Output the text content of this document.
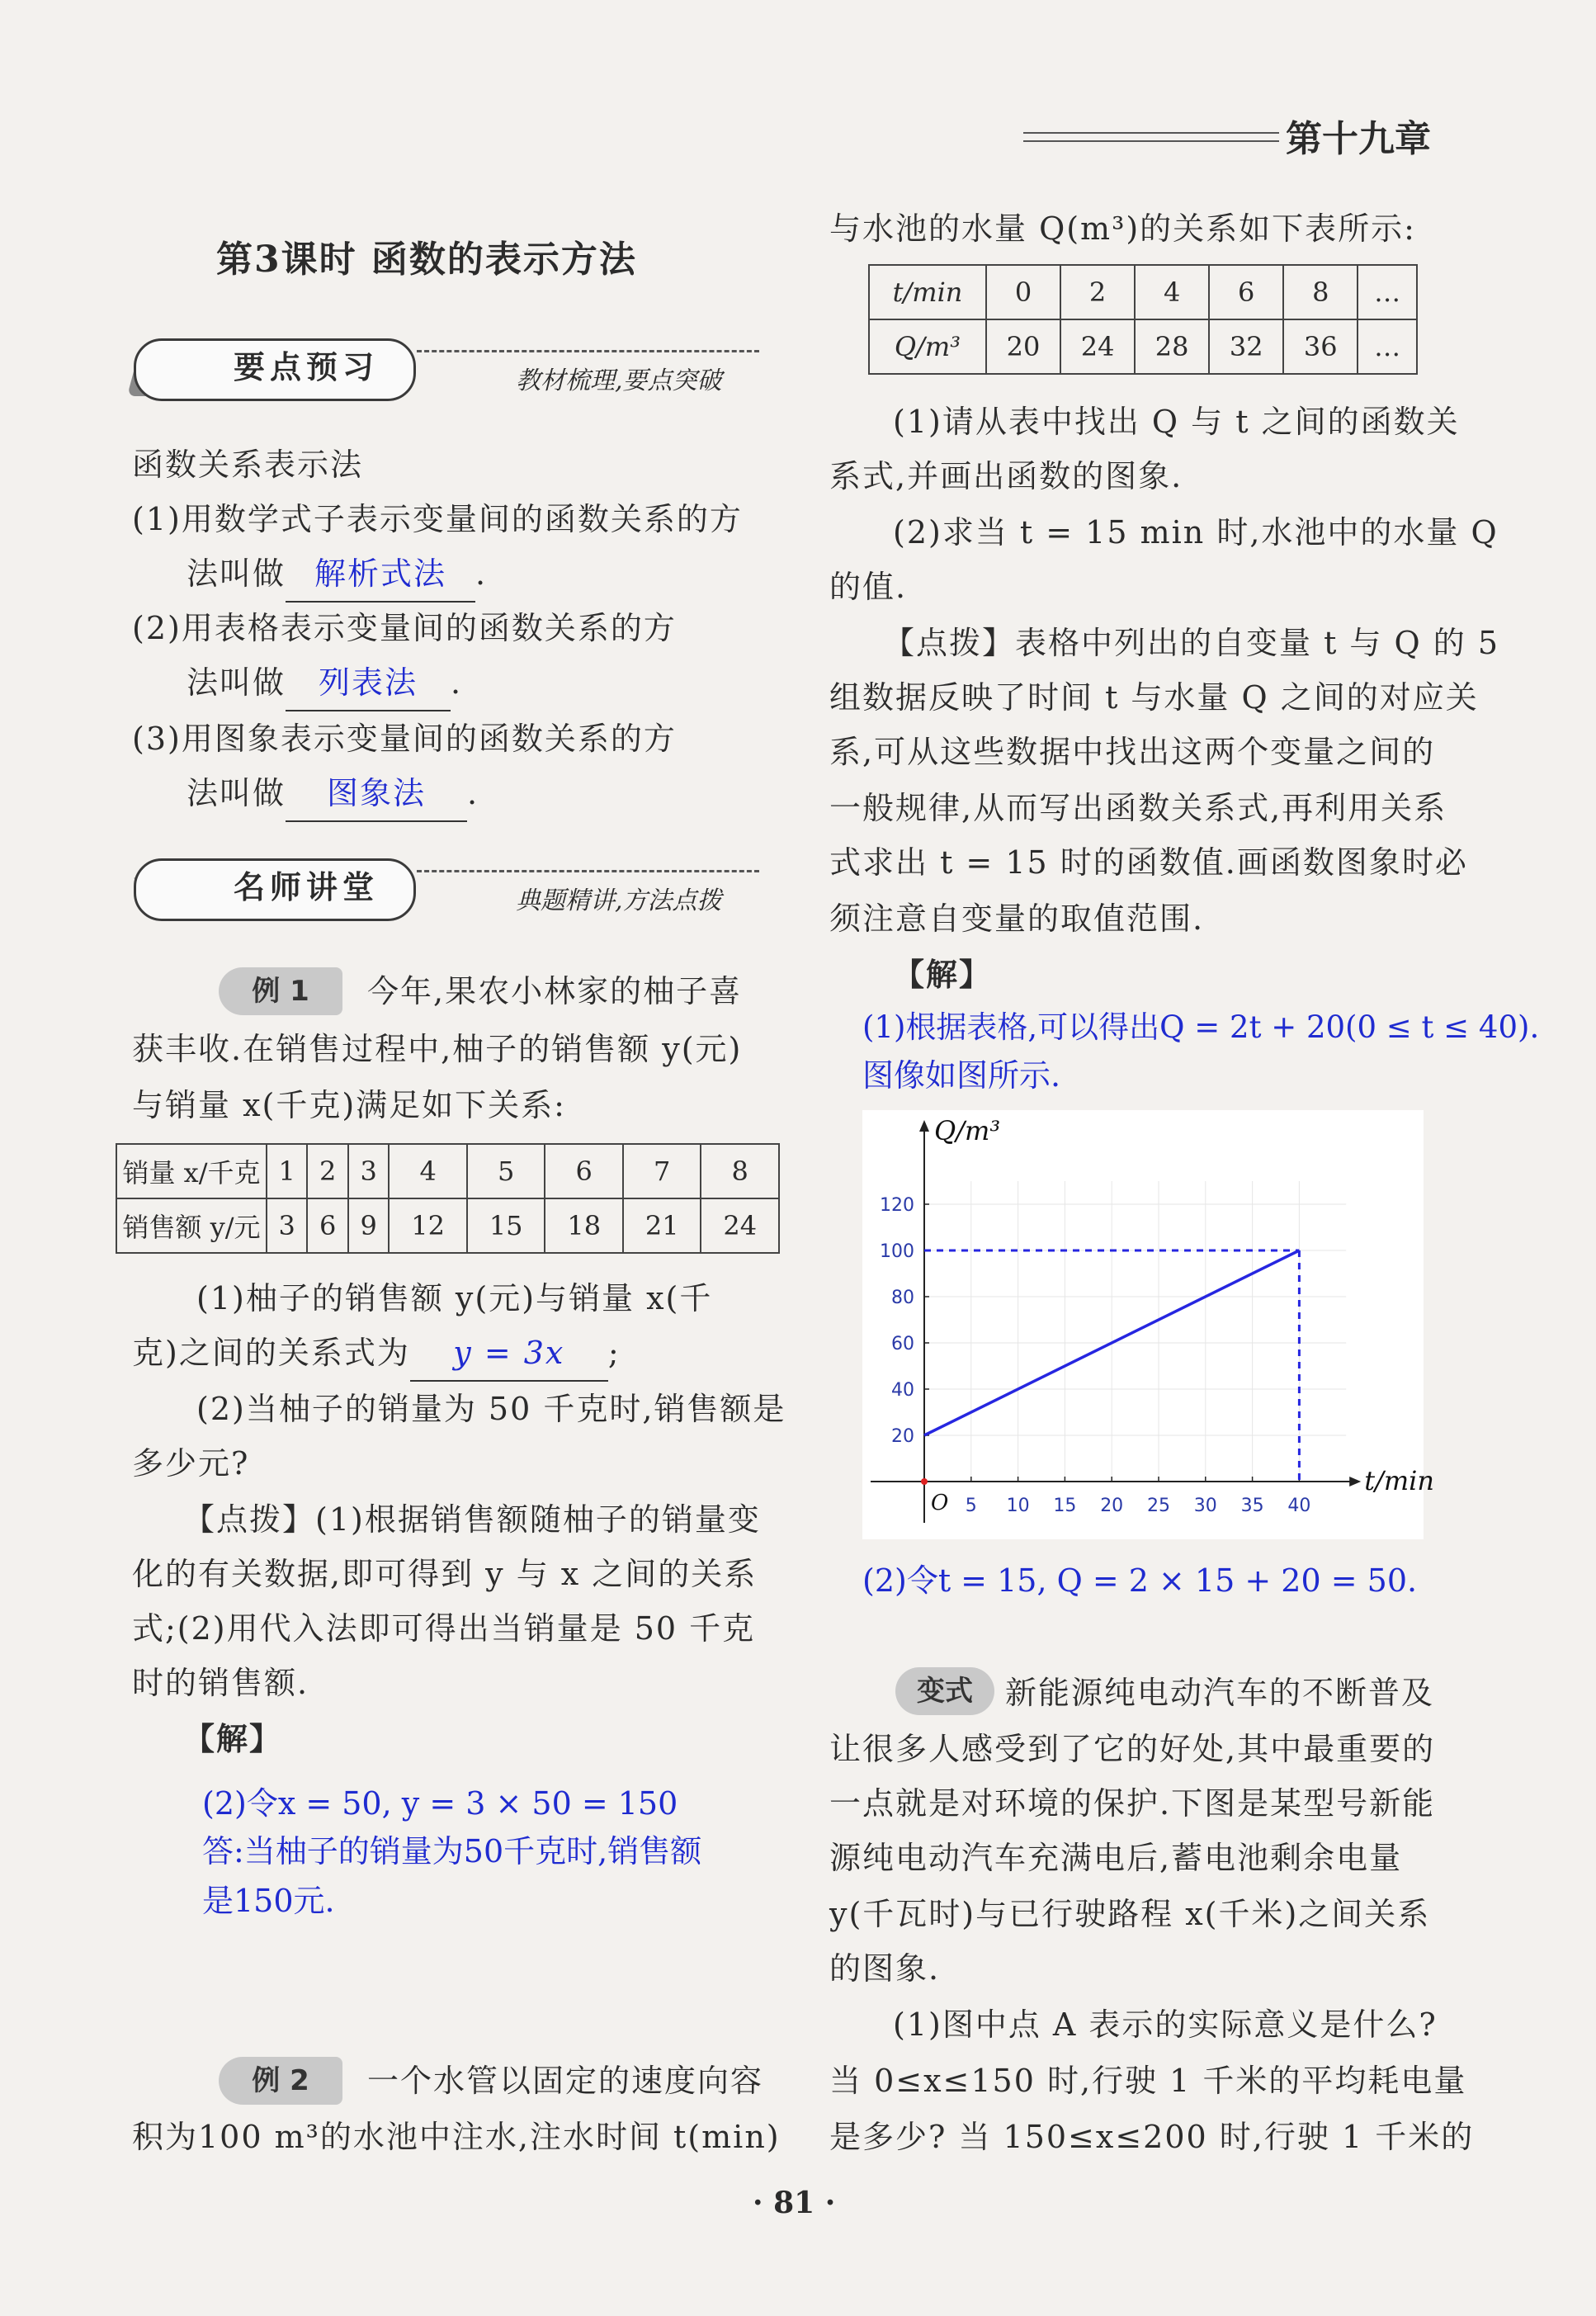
第十九章
第3课时 函数的表示方法
要点预习	教材梳理,要点突破
函数关系表示法
(1)用数学式子表示变量间的函数关系的方
法叫做 解析式法 .
(2)用表格表示变量间的函数关系的方
法叫做 列表法 .
(3)用图象表示变量间的函数关系的方
法叫做 图象法 .
名师讲堂	典题精讲,方法点拨
例 1	今年,果农小林家的柚子喜
获丰收.在销售过程中,柚子的销售额 y(元)
与销量 x(千克)满足如下关系:
销量 x/千克	1	2	3	4	5	6	7	8
销售额 y/元	3	6	9	12	15	18	21	24
(1)柚子的销售额 y(元)与销量 x(千
克)之间的关系式为 y = 3x ;
(2)当柚子的销量为 50 千克时,销售额是
多少元?
【点拨】(1)根据销售额随柚子的销量变
化的有关数据,即可得到 y 与 x 之间的关系
式;(2)用代入法即可得出当销量是 50 千克
时的销售额.
【解】
(2)令x = 50, y = 3 × 50 = 150
答:当柚子的销量为50千克时,销售额
是150元.
例 2	一个水管以固定的速度向容
积为100 m³的水池中注水,注水时间 t(min)
与水池的水量 Q(m³)的关系如下表所示:
t/min	0	2	4	6	8	…
Q/m³	20	24	28	32	36	…
(1)请从表中找出 Q 与 t 之间的函数关
系式,并画出函数的图象.
(2)求当 t = 15 min 时,水池中的水量 Q
的值.
【点拨】表格中列出的自变量 t 与 Q 的 5
组数据反映了时间 t 与水量 Q 之间的对应关
系,可从这些数据中找出这两个变量之间的
一般规律,从而写出函数关系式,再利用关系
式求出 t = 15 时的函数值.画函数图象时必
须注意自变量的取值范围.
【解】
(1)根据表格,可以得出Q = 2t + 20(0 ≤ t ≤ 40).
图像如图所示.
5 10 15 20 25 30 35 40
20
40
60
80
100
120
t/min
Q/m³
O
(2)令t = 15, Q = 2 × 15 + 20 = 50.
变式	新能源纯电动汽车的不断普及
让很多人感受到了它的好处,其中最重要的
一点就是对环境的保护.下图是某型号新能
源纯电动汽车充满电后,蓄电池剩余电量
y(千瓦时)与已行驶路程 x(千米)之间关系
的图象.
(1)图中点 A 表示的实际意义是什么?
当 0≤x≤150 时,行驶 1 千米的平均耗电量
是多少? 当 150≤x≤200 时,行驶 1 千米的
· 81 ·
